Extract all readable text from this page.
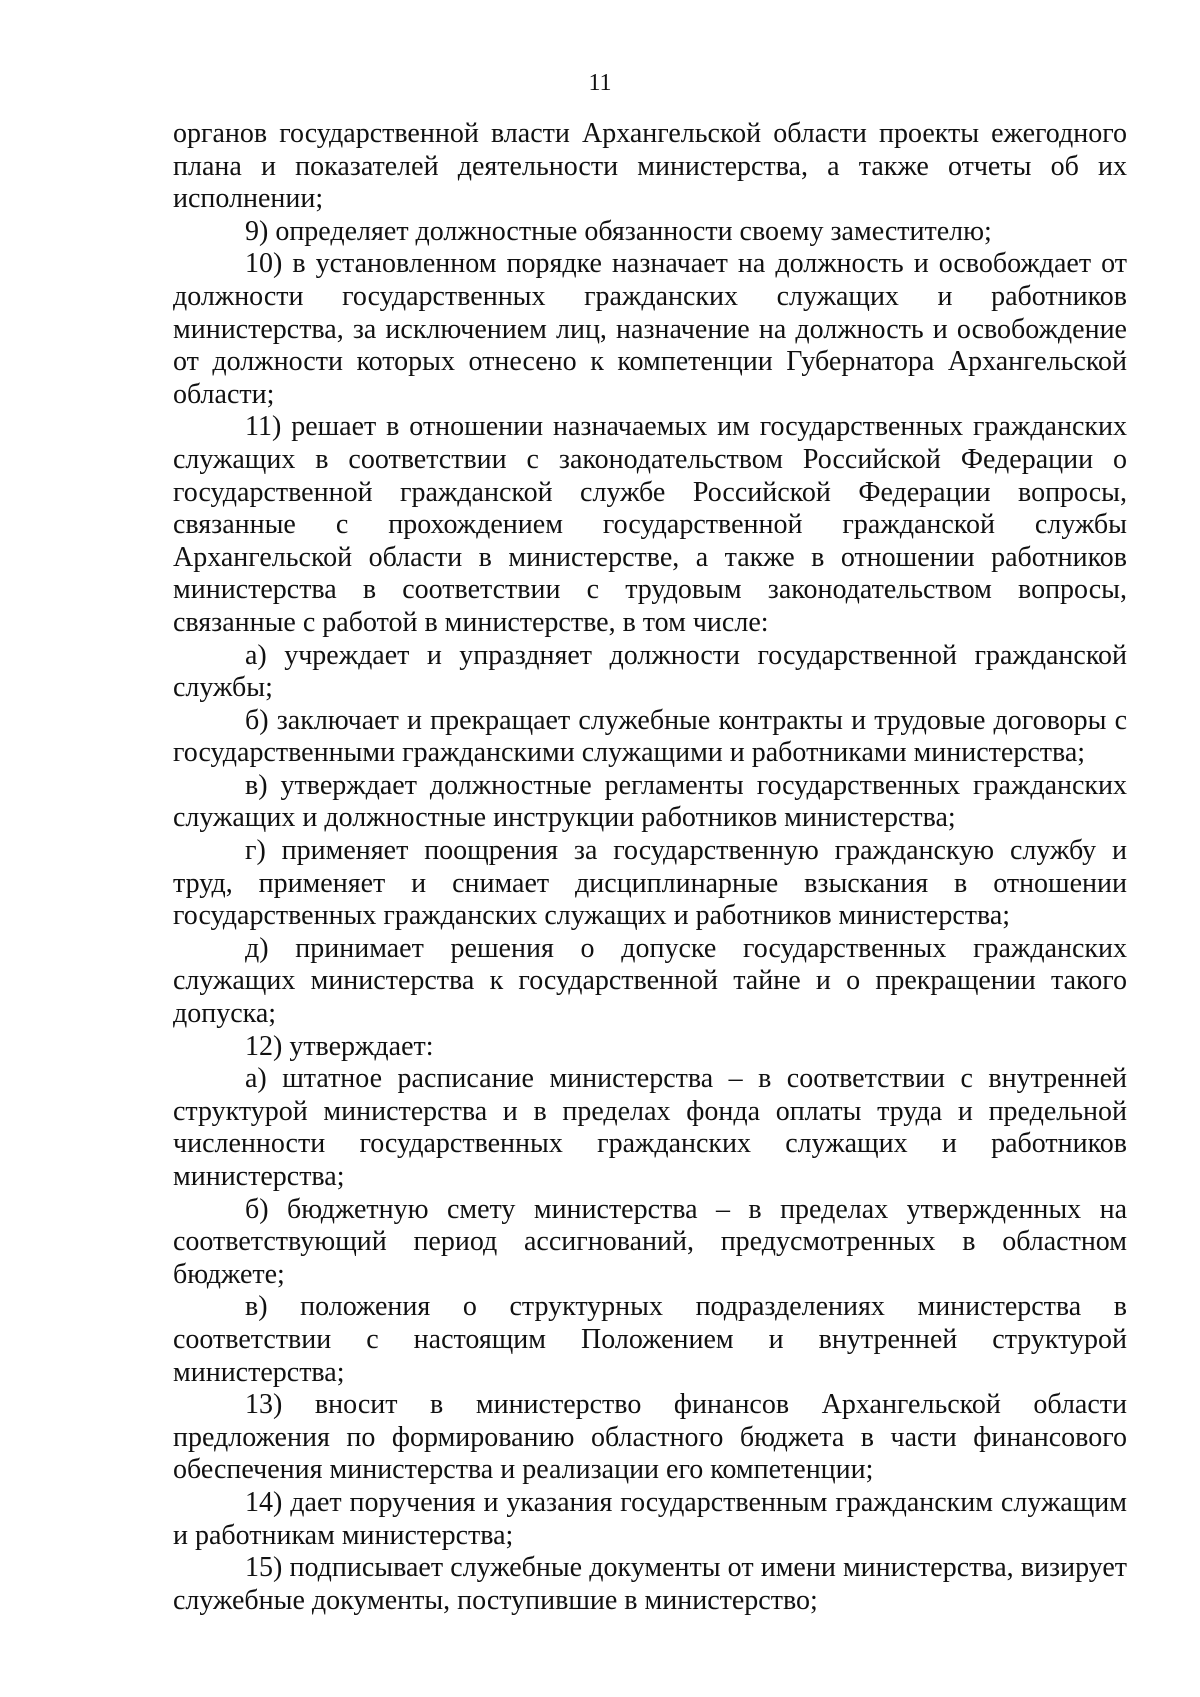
11

органов государственной власти Архангельской области проекты ежегодного плана и показателей деятельности министерства, а также отчеты об их исполнении;

9) определяет должностные обязанности своему заместителю;

10) в установленном порядке назначает на должность и освобождает от должности государственных гражданских служащих и работников министерства, за исключением лиц, назначение на должность и освобождение от должности которых отнесено к компетенции Губернатора Архангельской области;

11) решает в отношении назначаемых им государственных гражданских служащих в соответствии с законодательством Российской Федерации о государственной гражданской службе Российской Федерации вопросы, связанные с прохождением государственной гражданской службы Архангельской области в министерстве, а также в отношении работников министерства в соответствии с трудовым законодательством вопросы, связанные с работой в министерстве, в том числе:

а) учреждает и упраздняет должности государственной гражданской службы;

б) заключает и прекращает служебные контракты и трудовые договоры с государственными гражданскими служащими и работниками министерства;

в) утверждает должностные регламенты государственных гражданских служащих и должностные инструкции работников министерства;

г) применяет поощрения за государственную гражданскую службу и труд, применяет и снимает дисциплинарные взыскания в отношении государственных гражданских служащих и работников министерства;

д) принимает решения о допуске государственных гражданских служащих министерства к государственной тайне и о прекращении такого допуска;

12) утверждает:

а) штатное расписание министерства – в соответствии с внутренней структурой министерства и в пределах фонда оплаты труда и предельной численности государственных гражданских служащих и работников министерства;

б) бюджетную смету министерства – в пределах утвержденных на соответствующий период ассигнований, предусмотренных в областном бюджете;

в) положения о структурных подразделениях министерства в соответствии с настоящим Положением и внутренней структурой министерства;

13) вносит в министерство финансов Архангельской области предложения по формированию областного бюджета в части финансового обеспечения министерства и реализации его компетенции;

14) дает поручения и указания государственным гражданским служащим и работникам министерства;

15) подписывает служебные документы от имени министерства, визирует служебные документы, поступившие в министерство;
